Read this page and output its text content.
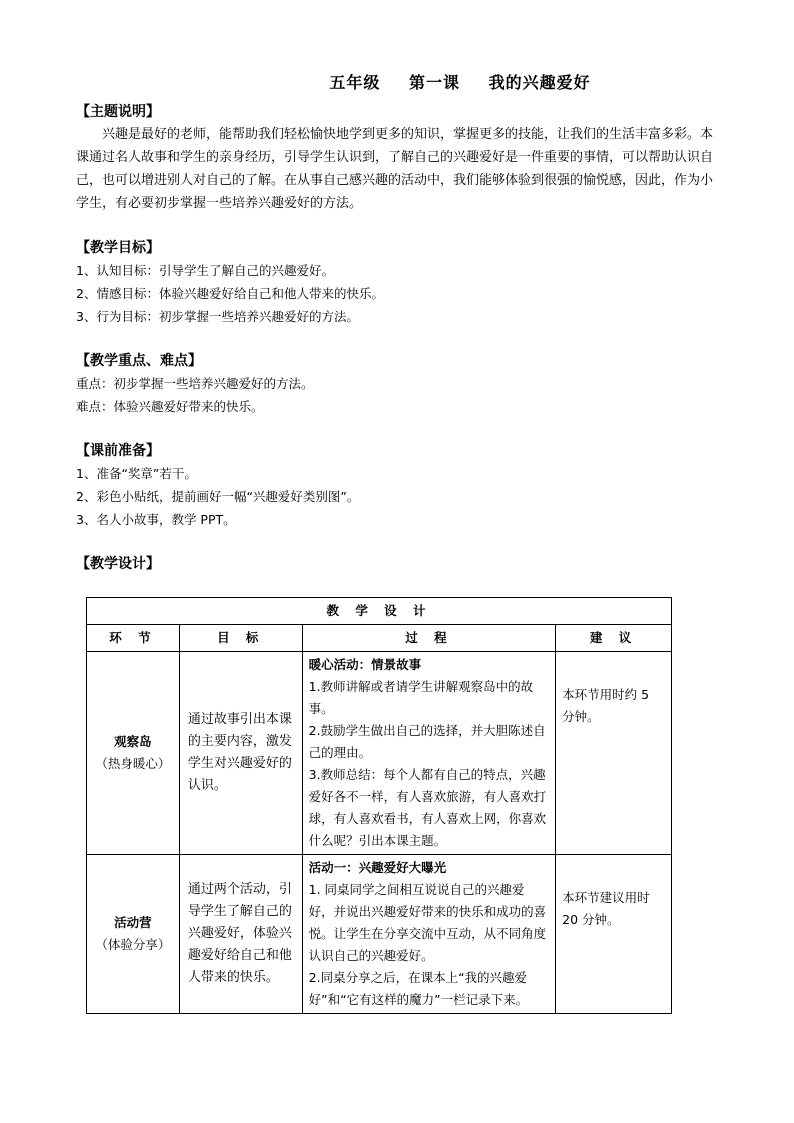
五年级 第一课 我的兴趣爱好

【主题说明】

兴趣是最好的老师，能帮助我们轻松愉快地学到更多的知识，掌握更多的技能，让我们的生活丰富多彩。本课通过名人故事和学生的亲身经历，引导学生认识到，了解自己的兴趣爱好是一件重要的事情，可以帮助认识自己，也可以增进别人对自己的了解。在从事自己感兴趣的活动中，我们能够体验到很强的愉悦感，因此，作为小学生，有必要初步掌握一些培养兴趣爱好的方法。

【教学目标】

1、认知目标：引导学生了解自己的兴趣爱好。

2、情感目标：体验兴趣爱好给自己和他人带来的快乐。

3、行为目标：初步掌握一些培养兴趣爱好的方法。

【教学重点、难点】

重点：初步掌握一些培养兴趣爱好的方法。

难点：体验兴趣爱好带来的快乐。

【课前准备】

1、准备“奖章”若干。

2、彩色小贴纸，提前画好一幅“兴趣爱好类别图”。

3、名人小故事，教学 PPT。

【教学设计】

教 学 设 计			
环 节	目 标	过 程	建 议

观察岛
（热身暖心）	通过故事引出本课的主要内容，激发学生对兴趣爱好的认识。	暖心活动：情景故事
1.教师讲解或者请学生讲解观察岛中的故事。
2.鼓励学生做出自己的选择，并大胆陈述自己的理由。
3.教师总结：每个人都有自己的特点，兴趣爱好各不一样，有人喜欢旅游，有人喜欢打球，有人喜欢看书，有人喜欢上网，你喜欢什么呢？引出本课主题。	本环节用时约 5 分钟。

活动营
（体验分享）	通过两个活动，引导学生了解自己的兴趣爱好，体验兴趣爱好给自己和他人带来的快乐。	活动一：兴趣爱好大曝光
1. 同桌同学之间相互说说自己的兴趣爱好，并说出兴趣爱好带来的快乐和成功的喜悦。让学生在分享交流中互动，从不同角度认识自己的兴趣爱好。
2.同桌分享之后，在课本上“我的兴趣爱好”和“它有这样的魔力”一栏记录下来。	本环节建议用时 20 分钟。
